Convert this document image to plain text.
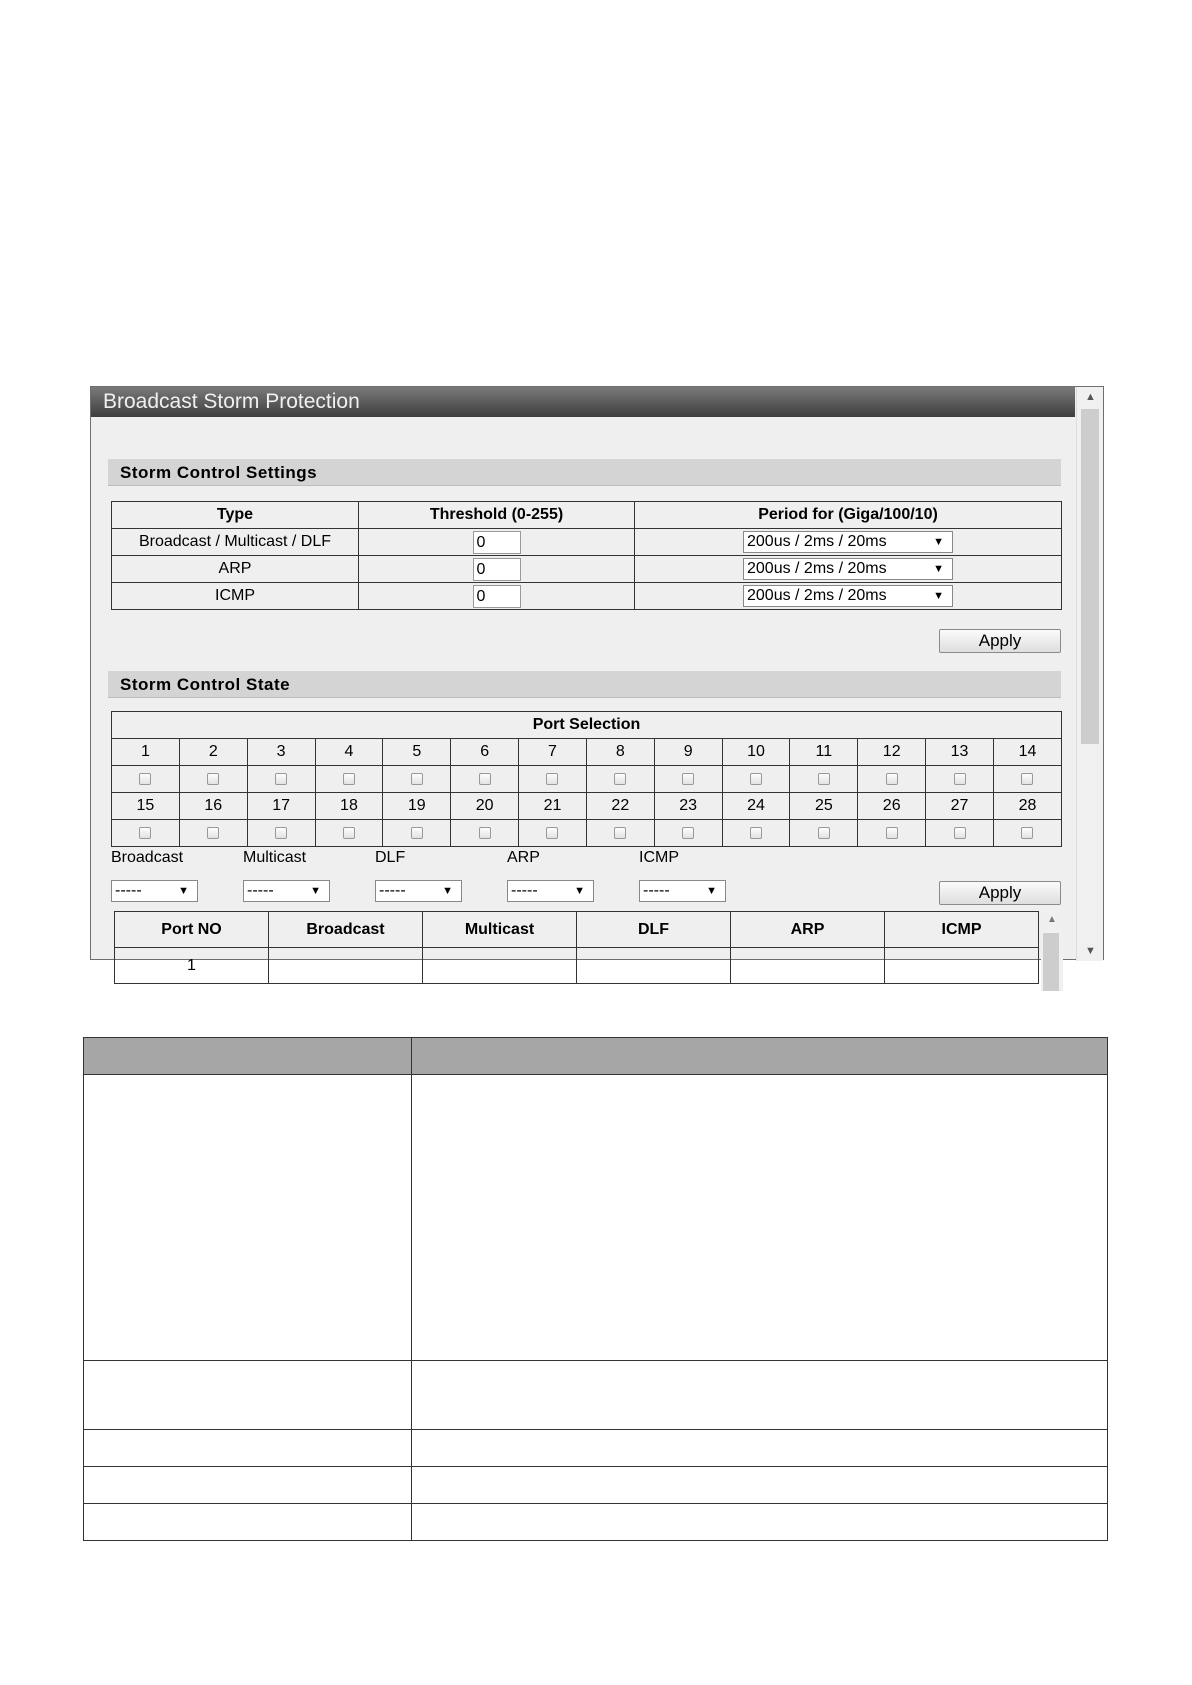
Broadcast Storm Protection	▲
▼
Storm Control Settings
Type	Threshold (0-255)	Period for (Giga/100/10)
Broadcast / Multicast / DLF	0	200us / 2ms / 20ms ▼

ARP	0	200us / 2ms / 20ms ▼

ICMP	0	200us / 2ms / 20ms ▼
Apply
Storm Control State
Port Selection													
1	2	3	4	5	6	7	8	9	10	11	12	13	14

15	16	17	18	19	20	21	22	23	24	25	26	27	28

Broadcast
-----	▼
Multicast
-----	▼
DLF
-----	▼
ARP
-----	▼
ICMP
-----	▼	Apply
Port NO	Broadcast	Multicast	DLF	ARP	ICMP
1					
▲
